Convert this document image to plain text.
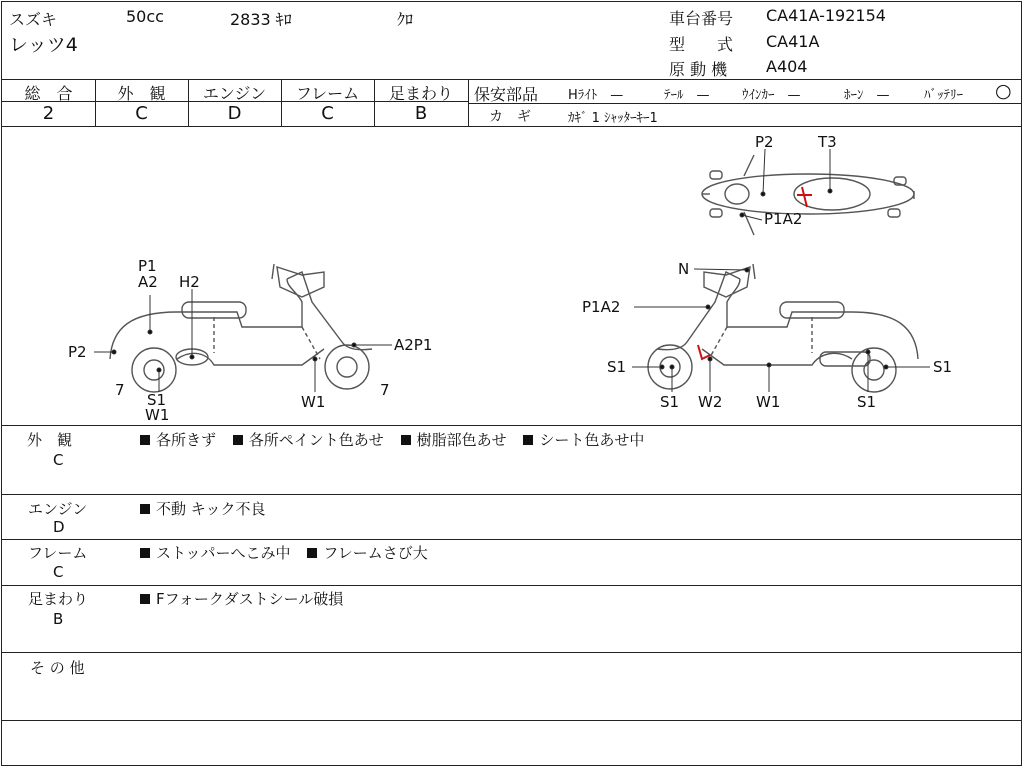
スズキ	50cc	2833 ｷﾛ	ｸﾛ
レッツ4
車台番号 CA41A-192154
型　　式 CA41A
原 動 機 A404
総　合	外　観	エンジン	フレーム	足まわり
2	C	D	C	B
保安部品 Hﾗｲﾄ　—	ﾃｰﾙ　— ｳｲﾝｶｰ　—	ﾎｰﾝ　—	ﾊﾞｯﾃﾘｰ ○
カ　ギ	ｶｷﾞ 1 ｼｬｯﾀｰｷｰ1
P2	T3
P1A2
P1
A2 H2
P2	A2P1
7
S1
W1
W1
7
N
P1A2
S1
S1 W2 W1	S1
S1
外　観
C
各所きず 各所ペイント色あせ 樹脂部色あせ シート色あせ中
エンジン
D
不動 キック不良
フレーム
C
ストッパーへこみ中 フレームさび大
足まわり
B
Fフォークダストシール破損
そ の 他
